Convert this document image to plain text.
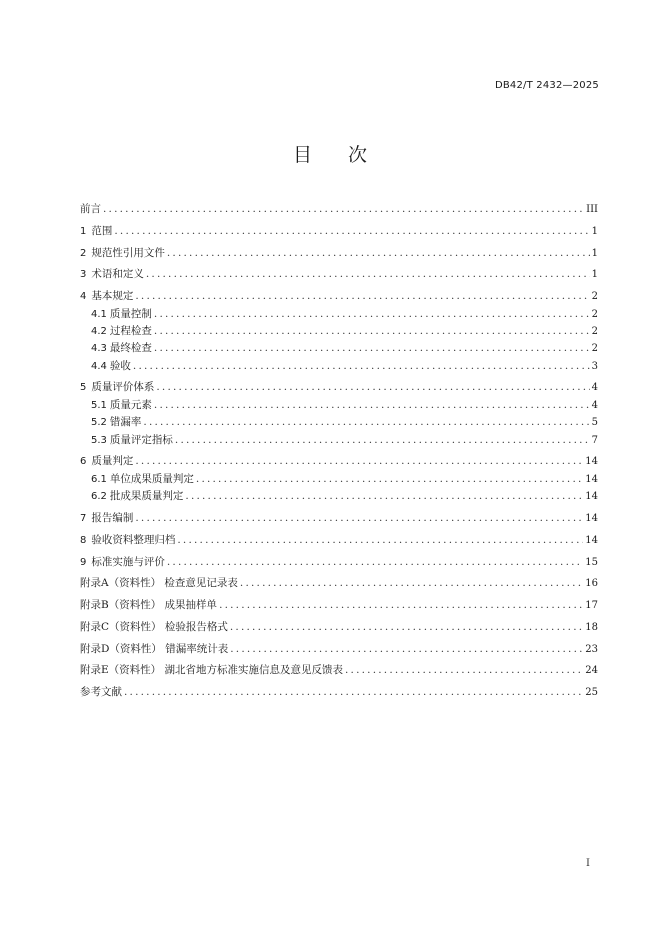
DB42/T 2432—2025
目 次
前言 .....	III
1 范围 .....	1
2 规范性引用文件 .....	1
3 术语和定义 .....	1
4 基本规定 .....	2
4.1 质量控制 .....	2
4.2 过程检查 .....	2
4.3 最终检查 .....	2
4.4 验收 .....	3
5 质量评价体系 .....	4
5.1 质量元素 .....	4
5.2 错漏率 .....	5
5.3 质量评定指标 .....	7
6 质量判定 .....	14
6.1 单位成果质量判定 .....	14
6.2 批成果质量判定 .....	14
7 报告编制 .....	14
8 验收资料整理归档 .....	14
9 标准实施与评价 .....	15
附录A（资料性） 检查意见记录表 .....	16
附录B（资料性） 成果抽样单 .....	17
附录C（资料性） 检验报告格式 .....	18
附录D（资料性） 错漏率统计表 .....	23
附录E（资料性） 湖北省地方标准实施信息及意见反馈表 .....	24
参考文献 .....	25
I
